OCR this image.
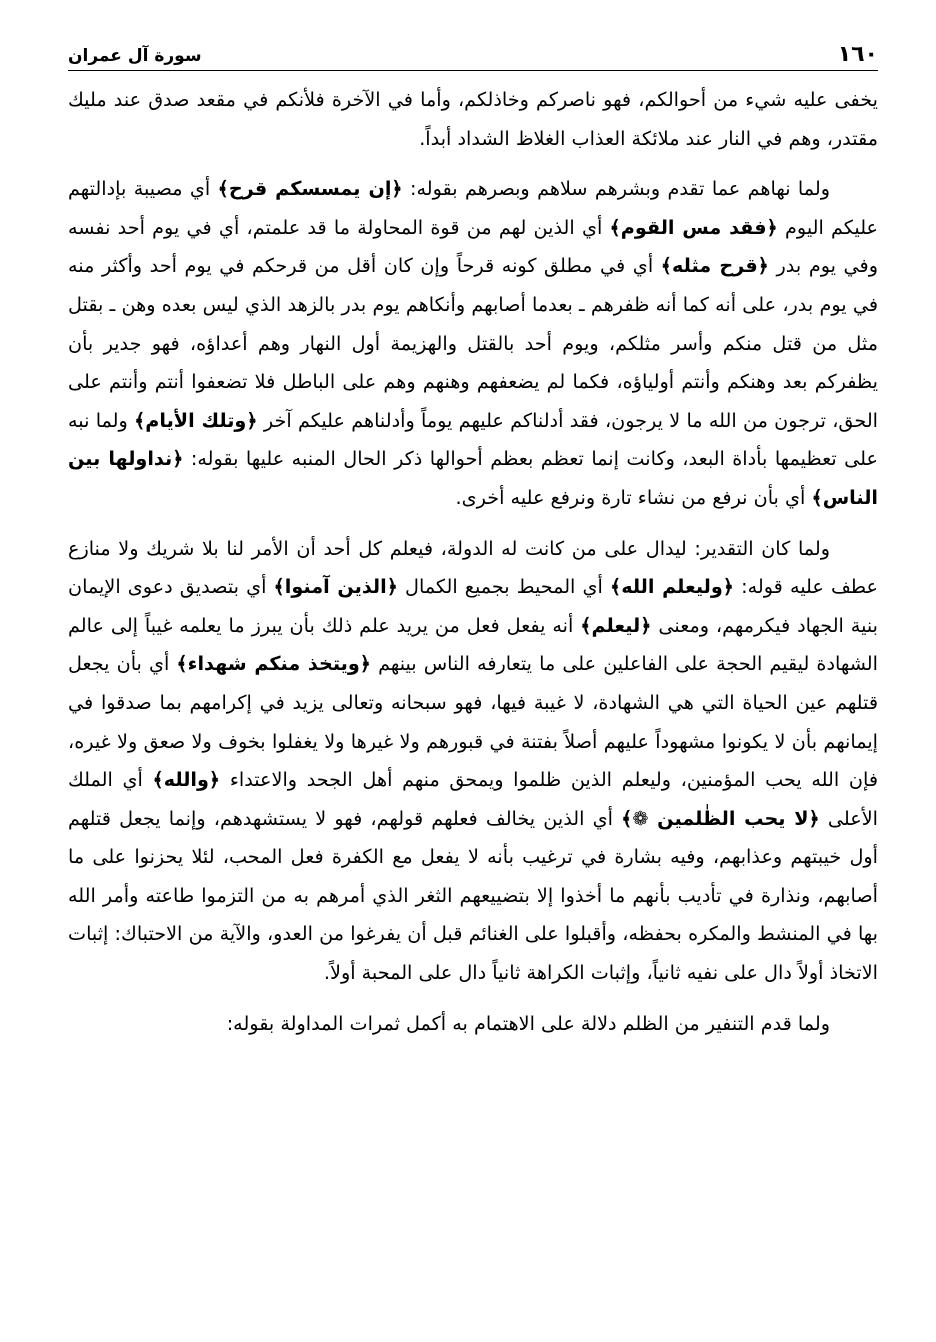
١٦٠
سورة آل عمران

يخفى عليه شيء من أحوالكم، فهو ناصركم وخاذلكم، وأما في الآخرة فلأنكم في مقعد صدق عند مليك مقتدر، وهم في النار عند ملائكة العذاب الغلاظ الشداد أبداً.

ولما نهاهم عما تقدم وبشرهم سلاهم وبصرهم بقوله: ﴿إن يمسسكم قرح﴾ أي مصيبة بإدالتهم عليكم اليوم ﴿فقد مس القوم﴾ أي الذين لهم من قوة المحاولة ما قد علمتم، أي في يوم أحد نفسه وفي يوم بدر ﴿قرح مثله﴾ أي في مطلق كونه قرحاً وإن كان أقل من قرحكم في يوم أحد وأكثر منه في يوم بدر، على أنه كما أنه ظفرهم ـ بعدما أصابهم وأنكاهم يوم بدر بالزهد الذي ليس بعده وهن ـ بقتل مثل من قتل منكم وأسر مثلكم، ويوم أحد بالقتل والهزيمة أول النهار وهم أعداؤه، فهو جدير بأن يظفركم بعد وهنكم وأنتم أولياؤه، فكما لم يضعفهم وهنهم وهم على الباطل فلا تضعفوا أنتم وأنتم على الحق، ترجون من الله ما لا يرجون، فقد أدلناكم عليهم يوماً وأدلناهم عليكم آخر ﴿وتلك الأيام﴾ ولما نبه على تعظيمها بأداة البعد، وكانت إنما تعظم بعظم أحوالها ذكر الحال المنبه عليها بقوله: ﴿نداولها بين الناس﴾ أي بأن نرفع من نشاء تارة ونرفع عليه أخرى.

ولما كان التقدير: ليدال على من كانت له الدولة، فيعلم كل أحد أن الأمر لنا بلا شريك ولا منازع عطف عليه قوله: ﴿وليعلم الله﴾ أي المحيط بجميع الكمال ﴿الذين آمنوا﴾ أي بتصديق دعوى الإيمان بنية الجهاد فيكرمهم، ومعنى ﴿ليعلم﴾ أنه يفعل فعل من يريد علم ذلك بأن يبرز ما يعلمه غيباً إلى عالم الشهادة ليقيم الحجة على الفاعلين على ما يتعارفه الناس بينهم ﴿ويتخذ منكم شهداء﴾ أي بأن يجعل قتلهم عين الحياة التي هي الشهادة، لا غيبة فيها، فهو سبحانه وتعالى يزيد في إكرامهم بما صدقوا في إيمانهم بأن لا يكونوا مشهوداً عليهم أصلاً بفتنة في قبورهم ولا غيرها ولا يغفلوا بخوف ولا صعق ولا غيره، فإن الله يحب المؤمنين، وليعلم الذين ظلموا ويمحق منهم أهل الجحد والاعتداء ﴿والله﴾ أي الملك الأعلى ﴿لا يحب الظٰلمين ❁﴾ أي الذين يخالف فعلهم قولهم، فهو لا يستشهدهم، وإنما يجعل قتلهم أول خيبتهم وعذابهم، وفيه بشارة في ترغيب بأنه لا يفعل مع الكفرة فعل المحب، لئلا يحزنوا على ما أصابهم، ونذارة في تأديب بأنهم ما أخذوا إلا بتضييعهم الثغر الذي أمرهم به من التزموا طاعته وأمر الله بها في المنشط والمكره بحفظه، وأقبلوا على الغنائم قبل أن يفرغوا من العدو، والآية من الاحتباك: إثبات الاتخاذ أولاً دال على نفيه ثانياً، وإثبات الكراهة ثانياً دال على المحبة أولاً.

ولما قدم التنفير من الظلم دلالة على الاهتمام به أكمل ثمرات المداولة بقوله:
